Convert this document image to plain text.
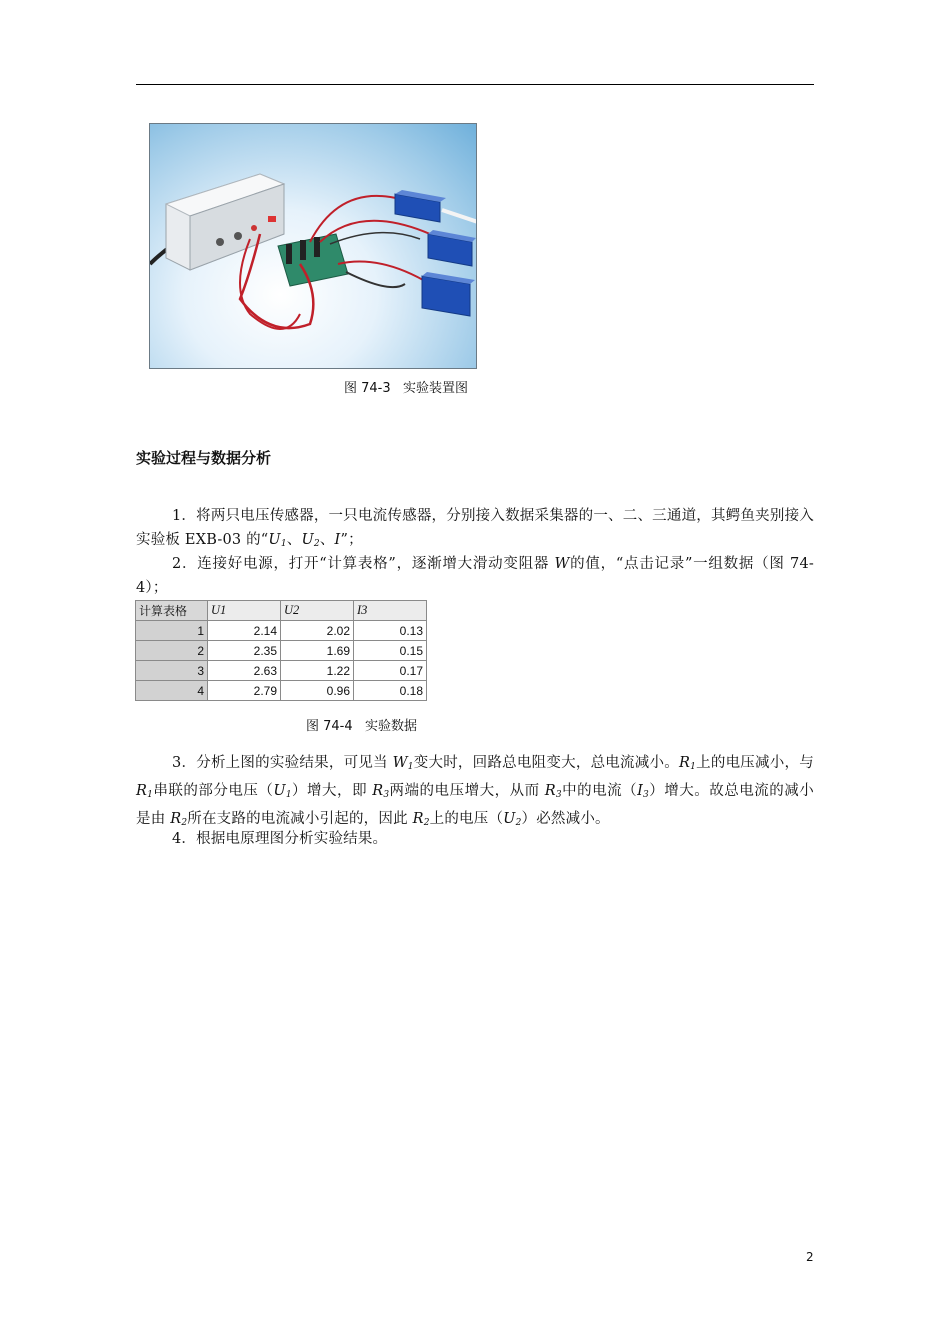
图 74-3   实验装置图
实验过程与数据分析
1．将两只电压传感器，一只电流传感器，分别接入数据采集器的一、二、三通道，其鳄鱼夹别接入实验板 EXB-03 的“$U_1$、$U_2$、I”；
2．连接好电源，打开“计算表格”，逐渐增大滑动变阻器 W的值，“点击记录”一组数据（图 74-4）；
计算表格	U1	U2	I3
1	2.14	2.02	0.13
2	2.35	1.69	0.15
3	2.63	1.22	0.17
4	2.79	0.96	0.18
图 74-4   实验数据
3．分析上图的实验结果，可见当 $W_1$变大时，回路总电阻变大，总电流减小。$R_1$上的电压减小，与 $R_1$串联的部分电压$(U_1)$增大，即 $R_3$两端的电压增大，从而 $R_3$中的电流$(I_3)$增大。故总电流的减小是由 $R_2$所在支路的电流减小引起的，因此 $R_2$上的电压$(U_2)$必然减小。
4．根据电原理图分析实验结果。
2
